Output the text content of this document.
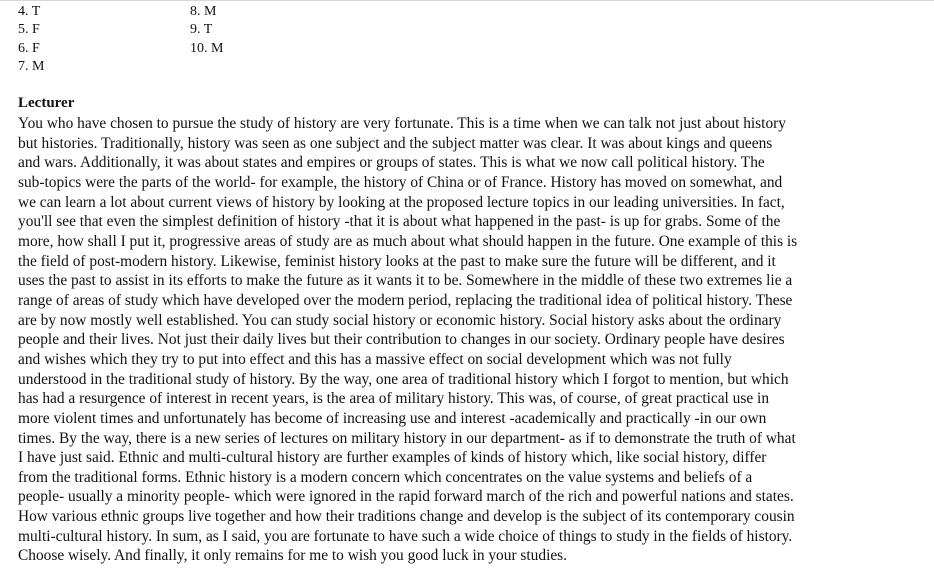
4. T
5. F
6. F
7. M
8. M
9. T
10. M
Lecturer

You who have chosen to pursue the study of history are very fortunate. This is a time when we can talk not just about history
but histories. Traditionally, history was seen as one subject and the subject matter was clear. It was about kings and queens
and wars. Additionally, it was about states and empires or groups of states. This is what we now call political history. The
sub-topics were the parts of the world- for example, the history of China or of France. History has moved on somewhat, and
we can learn a lot about current views of history by looking at the proposed lecture topics in our leading universities. In fact,
you'll see that even the simplest definition of history -that it is about what happened in the past- is up for grabs. Some of the
more, how shall I put it, progressive areas of study are as much about what should happen in the future. One example of this is
the field of post-modern history. Likewise, feminist history looks at the past to make sure the future will be different, and it
uses the past to assist in its efforts to make the future as it wants it to be. Somewhere in the middle of these two extremes lie a
range of areas of study which have developed over the modern period, replacing the traditional idea of political history. These
are by now mostly well established. You can study social history or economic history. Social history asks about the ordinary
people and their lives. Not just their daily lives but their contribution to changes in our society. Ordinary people have desires
and wishes which they try to put into effect and this has a massive effect on social development which was not fully
understood in the traditional study of history. By the way, one area of traditional history which I forgot to mention, but which
has had a resurgence of interest in recent years, is the area of military history. This was, of course, of great practical use in
more violent times and unfortunately has become of increasing use and interest -academically and practically -in our own
times. By the way, there is a new series of lectures on military history in our department- as if to demonstrate the truth of what
I have just said. Ethnic and multi-cultural history are further examples of kinds of history which, like social history, differ
from the traditional forms. Ethnic history is a modern concern which concentrates on the value systems and beliefs of a
people- usually a minority people- which were ignored in the rapid forward march of the rich and powerful nations and states.
How various ethnic groups live together and how their traditions change and develop is the subject of its contemporary cousin
multi-cultural history. In sum, as I said, you are fortunate to have such a wide choice of things to study in the fields of history.
Choose wisely. And finally, it only remains for me to wish you good luck in your studies.
